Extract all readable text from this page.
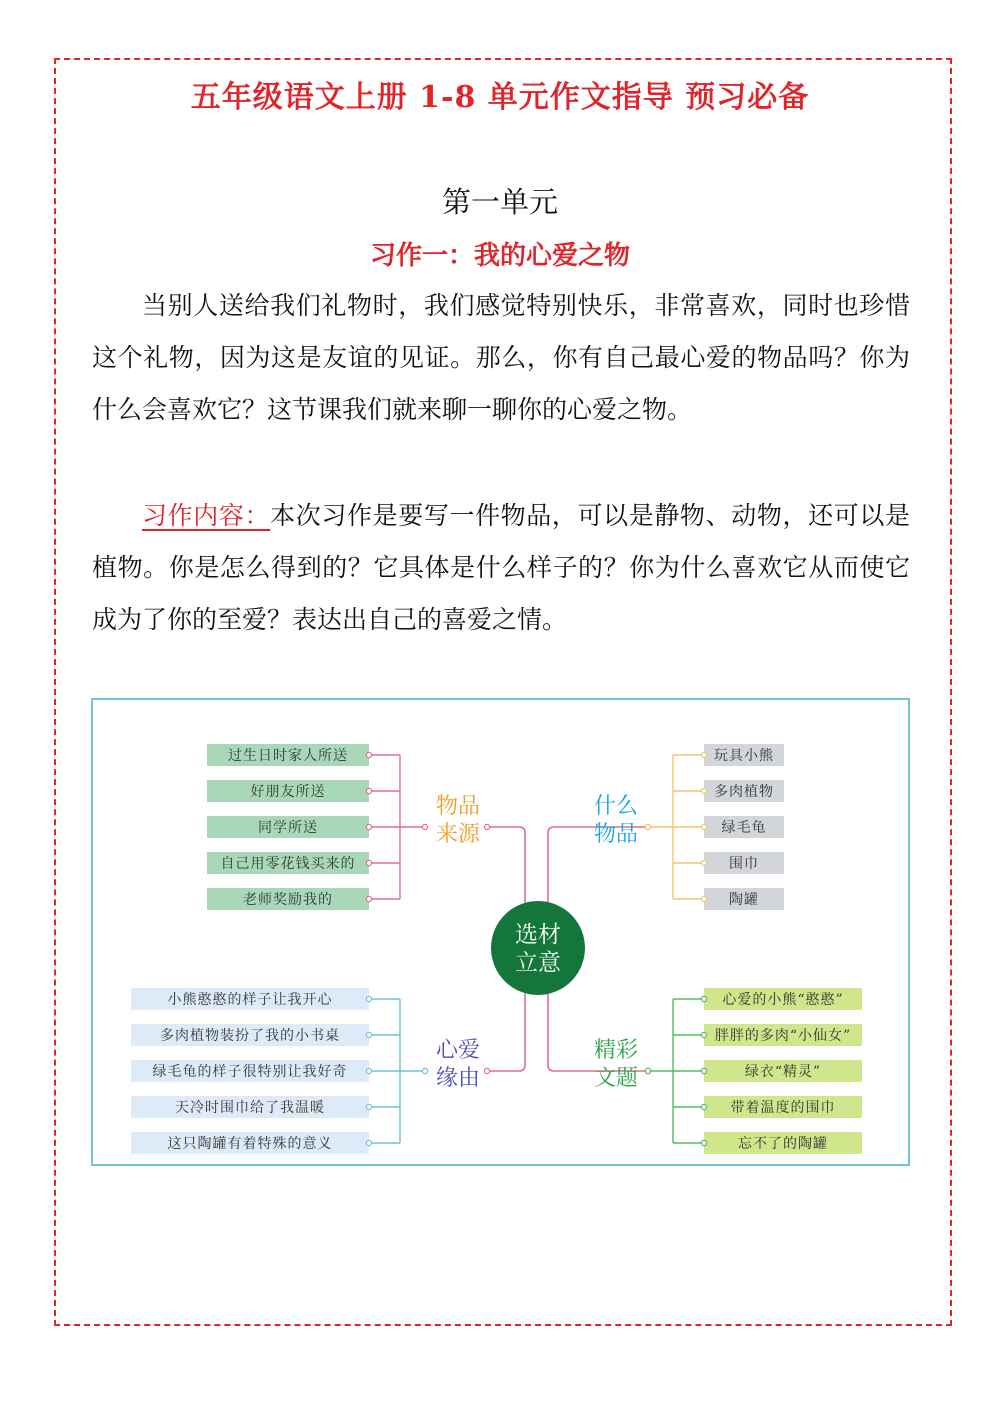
五年级语文上册 1-8 单元作文指导 预习必备
第一单元
习作一：我的心爱之物

当别人送给我们礼物时，我们感觉特别快乐，非常喜欢，同时也珍惜这个礼物，因为这是友谊的见证。那么，你有自己最心爱的物品吗？你为什么会喜欢它？这节课我们就来聊一聊你的心爱之物。

习作内容：本次习作是要写一件物品，可以是静物、动物，还可以是植物。你是怎么得到的？它具体是什么样子的？你为什么喜欢它从而使它成为了你的至爱？表达出自己的喜爱之情。

过生日时家人所送
好朋友所送
同学所送
自己用零花钱买来的
老师奖励我的
物品
来源
玩具小熊
多肉植物
绿毛龟
围巾
陶罐
什么
物品
小熊憨憨的样子让我开心
多肉植物装扮了我的小书桌
绿毛龟的样子很特别让我好奇
天冷时围巾给了我温暖
这只陶罐有着特殊的意义
心爱
缘由
心爱的小熊“憨憨”
胖胖的多肉“小仙女”
绿衣“精灵”
带着温度的围巾
忘不了的陶罐
精彩
文题
选材
立意
